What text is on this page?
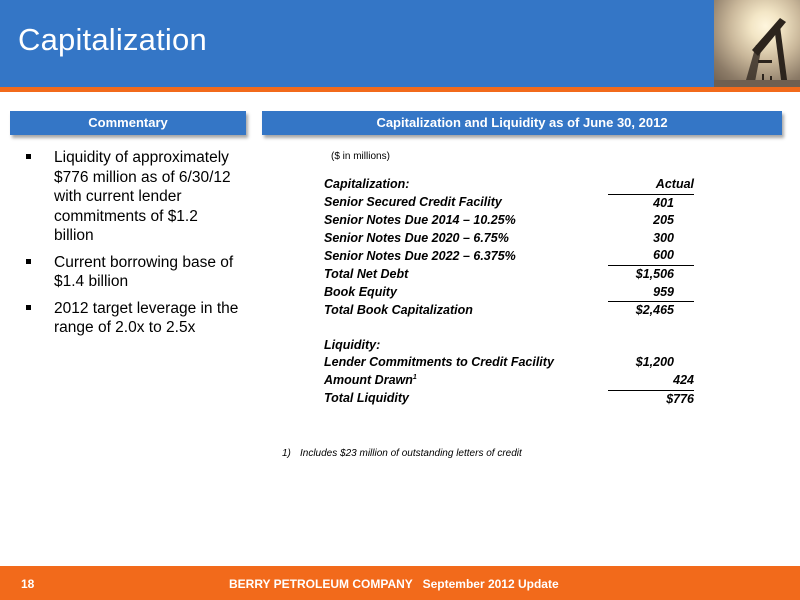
Capitalization
Commentary	Capitalization and Liquidity as of June 30, 2012
Liquidity of approximately $776 million as of 6/30/12 with current lender commitments of $1.2 billion
Current borrowing base of $1.4 billion
2012 target leverage in the range of 2.0x to 2.5x
($ in millions)
Capitalization:	Actual
Senior Secured Credit Facility	401
Senior Notes Due 2014 – 10.25%	205
Senior Notes Due 2020 – 6.75%	300
Senior Notes Due 2022 – 6.375%	600
Total Net Debt	$1,506
Book Equity	959
Total Book Capitalization	$2,465

Liquidity:	
Lender Commitments to Credit Facility	$1,200
Amount Drawn$^1$	424
Total Liquidity	$776
1) Includes $23 million of outstanding letters of credit
18	BERRY PETROLEUM COMPANY September 2012 Update
